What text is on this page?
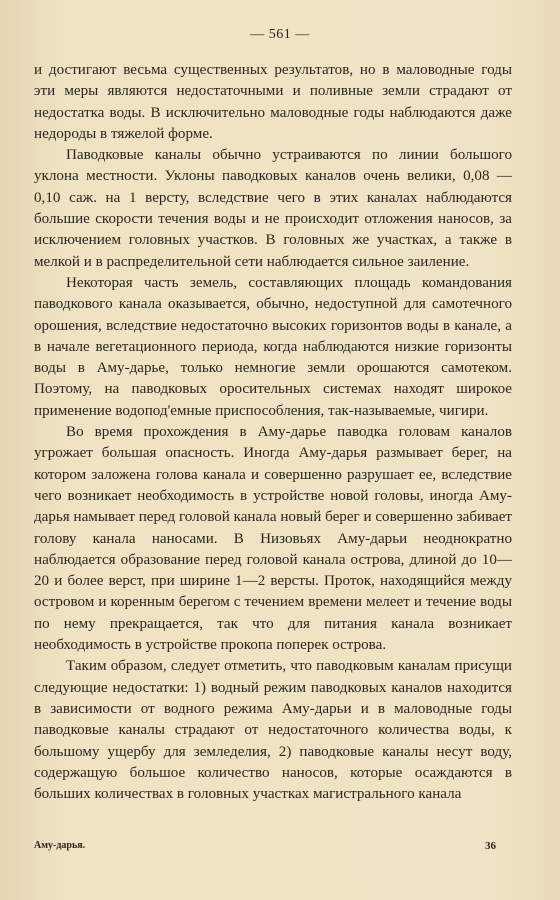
— 561 —

и достигают весьма существенных результатов, но в маловодные годы эти меры являются недостаточными и поливные земли страдают от недостатка воды. В исключительно маловодные годы наблюдаются даже недороды в тяжелой форме.

Паводковые каналы обычно устраиваются по линии большого уклона местности. Уклоны паводковых каналов очень велики, 0,08 — 0,10 саж. на 1 версту, вследствие чего в этих каналах наблюдаются большие скорости течения воды и не происходит отложения наносов, за исключением головных участков. В головных же участках, а также в мелкой и в распределительной сети наблюдается сильное заиление.

Некоторая часть земель, составляющих площадь командования паводкового канала оказывается, обычно, недоступной для самотечного орошения, вследствие недостаточно высоких горизонтов воды в канале, а в начале вегетационного периода, когда наблюдаются низкие горизонты воды в Аму-дарье, только немногие земли орошаются самотеком. Поэтому, на паводковых оросительных системах находят широкое применение водопод'емные приспособления, так-называемые, чигири.

Во время прохождения в Аму-дарье паводка головам каналов угрожает большая опасность. Иногда Аму-дарья размывает берег, на котором заложена голова канала и совершенно разрушает ее, вследствие чего возникает необходимость в устройстве новой головы, иногда Аму-дарья намывает перед головой канала новый берег и совершенно забивает голову канала наносами. В Низовьях Аму-дарьи неоднократно наблюдается образование перед головой канала острова, длиной до 10—20 и более верст, при ширине 1—2 версты. Проток, находящийся между островом и коренным берегом с течением времени мелеет и течение воды по нему прекращается, так что для питания канала возникает необходимость в устройстве прокопа поперек острова.

Таким образом, следует отметить, что паводковым каналам присущи следующие недостатки: 1) водный режим паводковых каналов находится в зависимости от водного режима Аму-дарьи и в маловодные годы паводковые каналы страдают от недостаточного количества воды, к большому ущербу для земледелия, 2) паводковые каналы несут воду, содержащую большое количество наносов, которые осаждаются в больших количествах в головных участках магистрального канала

Аму-дарья.	36
